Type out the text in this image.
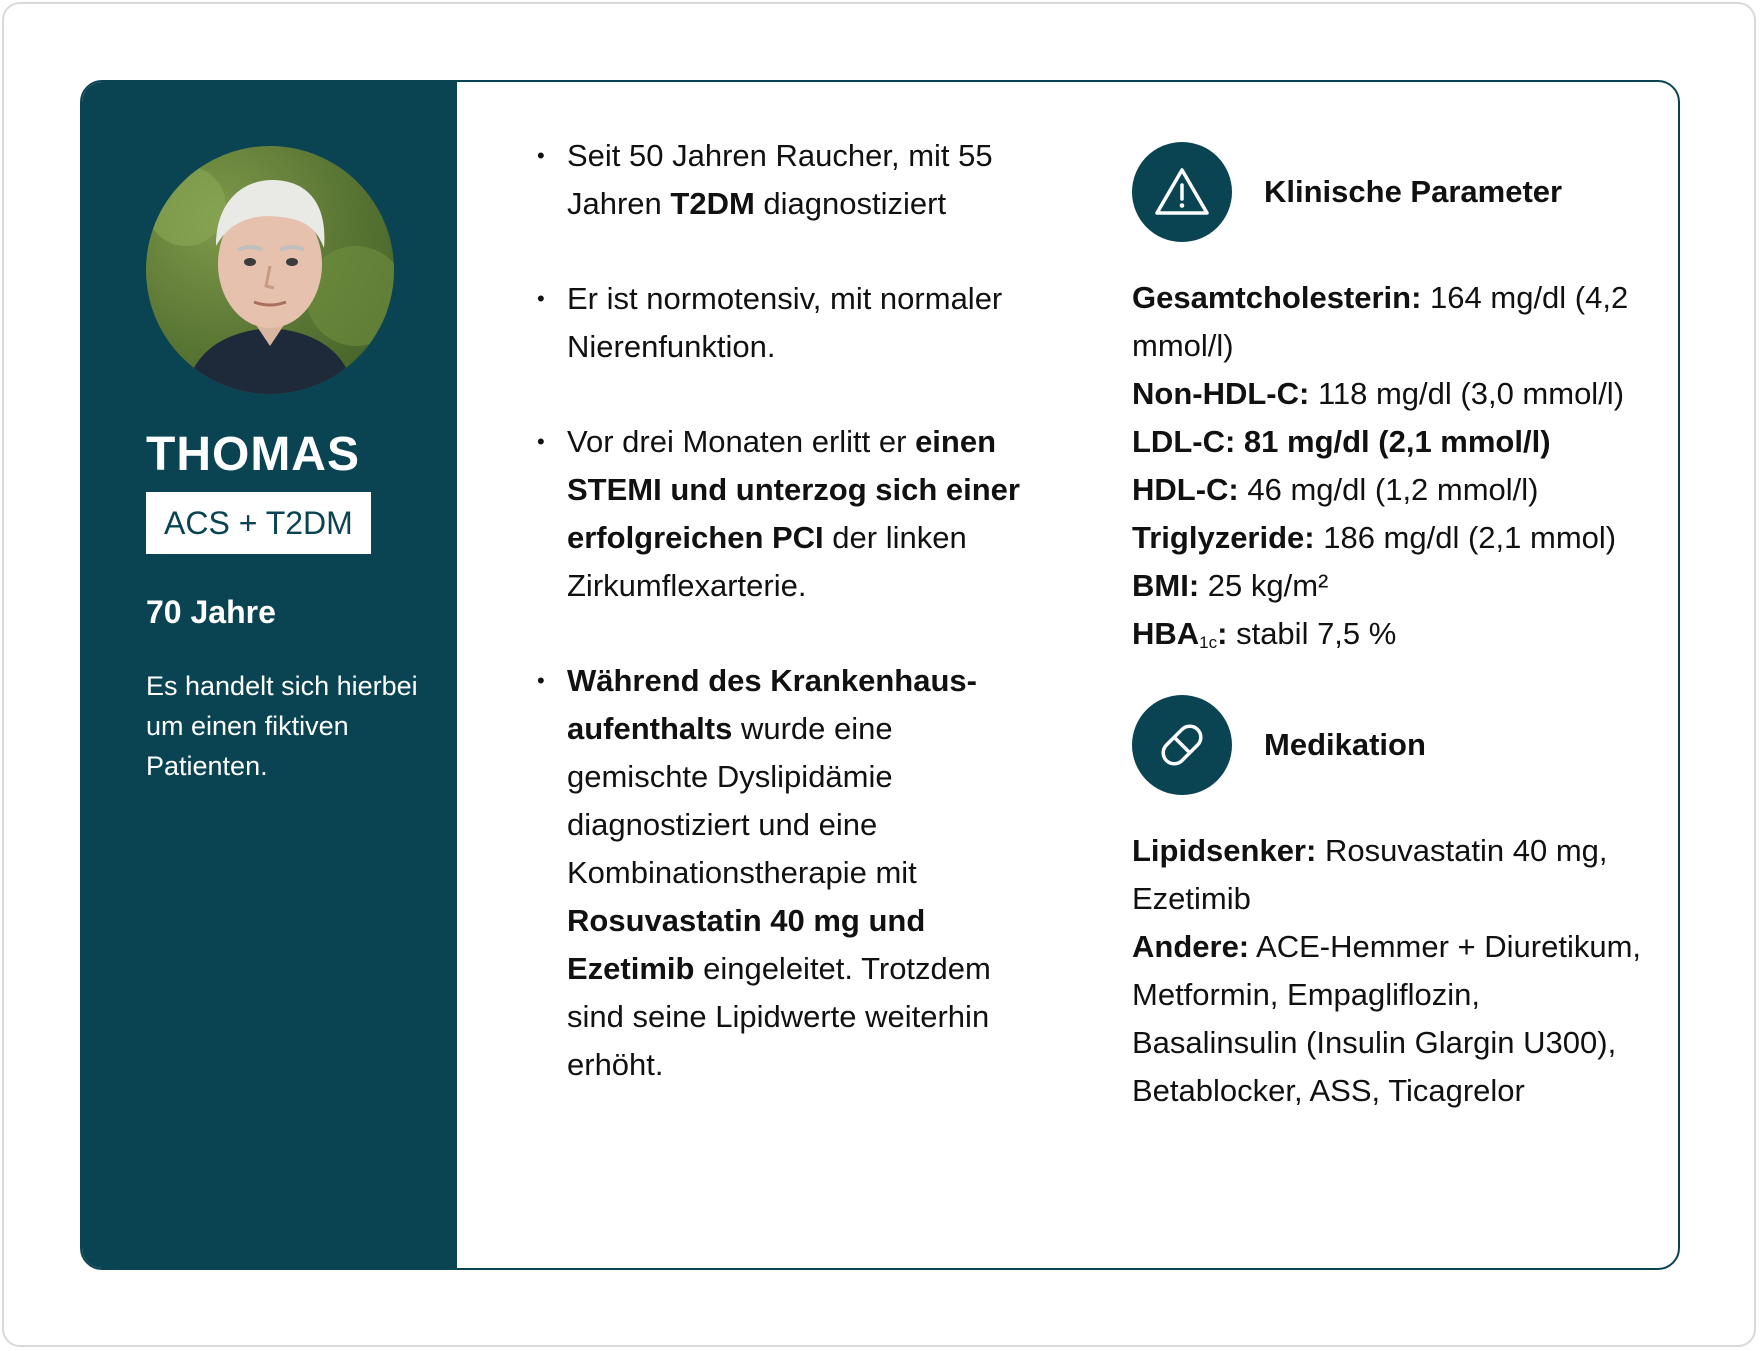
THOMAS
ACS + T2DM
70 Jahre
Es handelt sich hierbei um einen fiktiven Patienten.
• Seit 50 Jahren Raucher, mit 55 Jahren T2DM diagnostiziert
• Er ist normotensiv, mit normaler Nierenfunktion.
• Vor drei Monaten erlitt er einen STEMI und unterzog sich einer erfolgreichen PCI der linken Zirkumflexarterie.
• Während des Krankenhaus-aufenthalts wurde eine gemischte Dyslipidämie diagnostiziert und eine Kombinationstherapie mit Rosuvastatin 40 mg und Ezetimib eingeleitet. Trotzdem sind seine Lipidwerte weiterhin erhöht.
Klinische Parameter
Gesamtcholesterin: 164 mg/dl (4,2 mmol/l)
Non-HDL-C: 118 mg/dl (3,0 mmol/l)
LDL-C: 81 mg/dl (2,1 mmol/l)
HDL-C: 46 mg/dl (1,2 mmol/l)
Triglyzeride: 186 mg/dl (2,1 mmol)
BMI: 25 kg/m²
$HBA_{1c}$: stabil 7,5 %
Medikation
Lipidsenker: Rosuvastatin 40 mg, Ezetimib
Andere: ACE-Hemmer + Diuretikum, Metformin, Empagliflozin, Basalinsulin (Insulin Glargin U300), Betablocker, ASS, Ticagrelor
